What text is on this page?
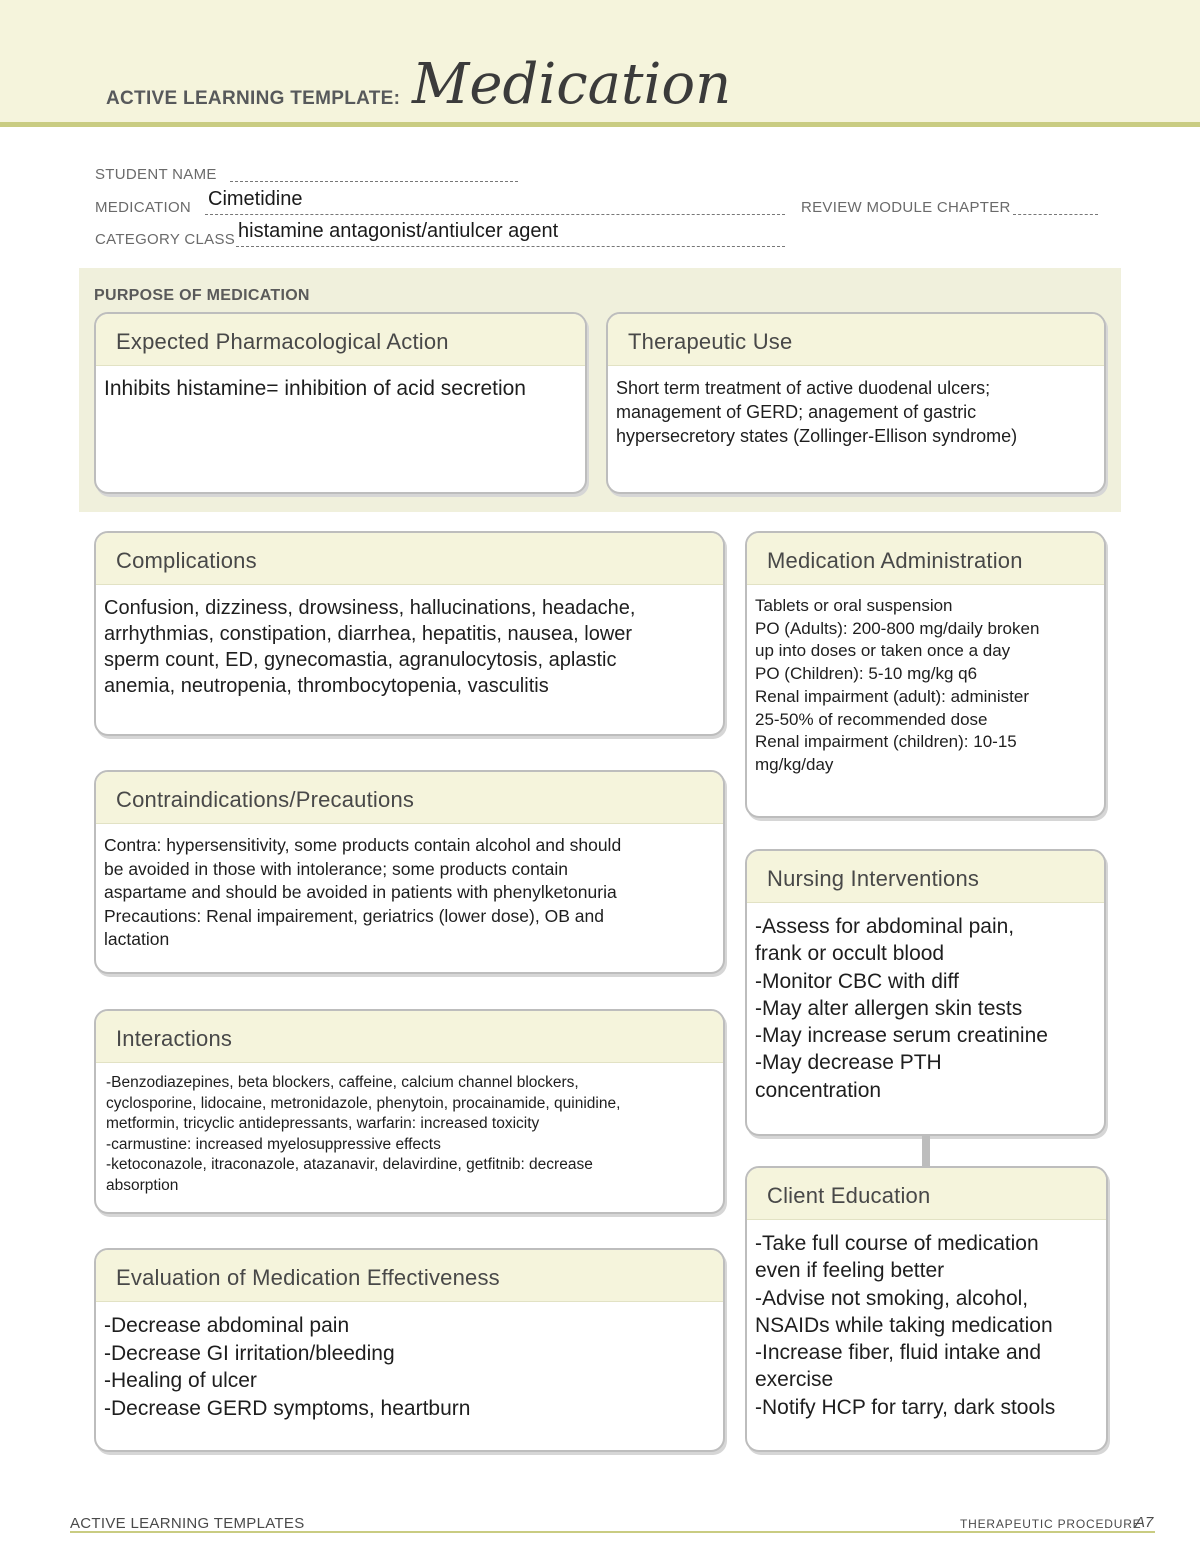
ACTIVE LEARNING TEMPLATE: Medication
STUDENT NAME
MEDICATION Cimetidine	REVIEW MODULE CHAPTER
CATEGORY CLASS histamine antagonist/antiulcer agent
PURPOSE OF MEDICATION
Expected Pharmacological Action
Inhibits histamine= inhibition of acid secretion
Therapeutic Use
Short term treatment of active duodenal ulcers;
management of GERD; anagement of gastric
hypersecretory states (Zollinger-Ellison syndrome)
Complications
Confusion, dizziness, drowsiness, hallucinations, headache,
arrhythmias, constipation, diarrhea, hepatitis, nausea, lower
sperm count, ED, gynecomastia, agranulocytosis, aplastic
anemia, neutropenia, thrombocytopenia, vasculitis
Contraindications/Precautions
Contra: hypersensitivity, some products contain alcohol and should
be avoided in those with intolerance; some products contain
aspartame and should be avoided in patients with phenylketonuria
Precautions: Renal impairement, geriatrics (lower dose), OB and
lactation
Interactions
-Benzodiazepines, beta blockers, caffeine, calcium channel blockers,
cyclosporine, lidocaine, metronidazole, phenytoin, procainamide, quinidine,
metformin, tricyclic antidepressants, warfarin: increased toxicity
-carmustine: increased myelosuppressive effects
-ketoconazole, itraconazole, atazanavir, delavirdine, getfitnib: decrease
absorption
Evaluation of Medication Effectiveness
-Decrease abdominal pain
-Decrease GI irritation/bleeding
-Healing of ulcer
-Decrease GERD symptoms, heartburn
Medication Administration
Tablets or oral suspension
PO (Adults): 200-800 mg/daily broken
up into doses or taken once a day
PO (Children): 5-10 mg/kg q6
Renal impairment (adult): administer
25-50% of recommended dose
Renal impairment (children): 10-15
mg/kg/day
Nursing Interventions
-Assess for abdominal pain,
frank or occult blood
-Monitor CBC with diff
-May alter allergen skin tests
-May increase serum creatinine
-May decrease PTH
concentration
Client Education
-Take full course of medication
even if feeling better
-Advise not smoking, alcohol,
NSAIDs while taking medication
-Increase fiber, fluid intake and
exercise
-Notify HCP for tarry, dark stools
ACTIVE LEARNING TEMPLATES	THERAPEUTIC PROCEDURE
A7
